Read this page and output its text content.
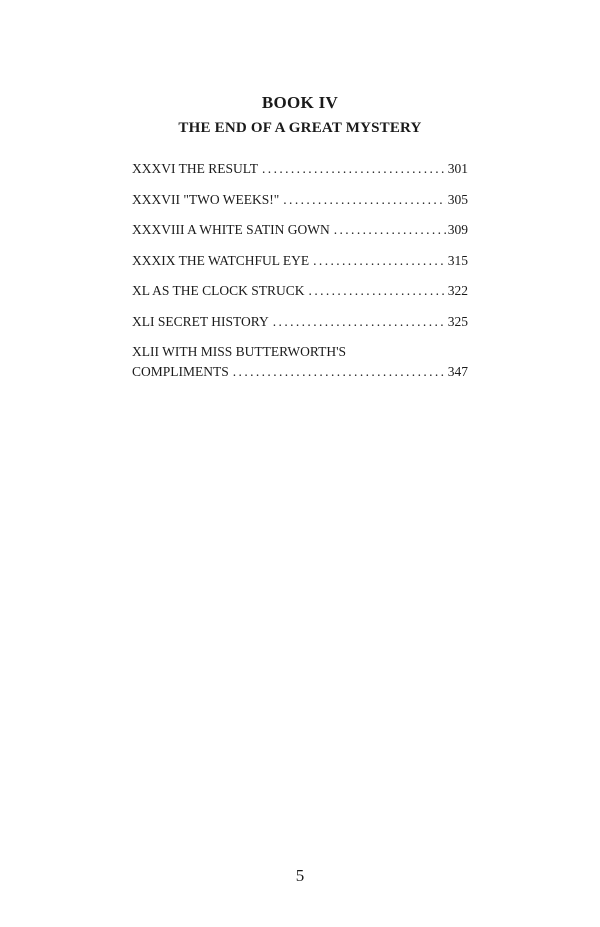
BOOK IV
THE END OF A GREAT MYSTERY
XXXVI THE RESULT .....	301
XXXVII "TWO WEEKS!" .....	305
XXXVIII A WHITE SATIN GOWN .....	309
XXXIX THE WATCHFUL EYE .....	315
XL AS THE CLOCK STRUCK .....	322
XLI SECRET HISTORY .....	325
XLII WITH MISS BUTTERWORTH'S
COMPLIMENTS .....	347
5
